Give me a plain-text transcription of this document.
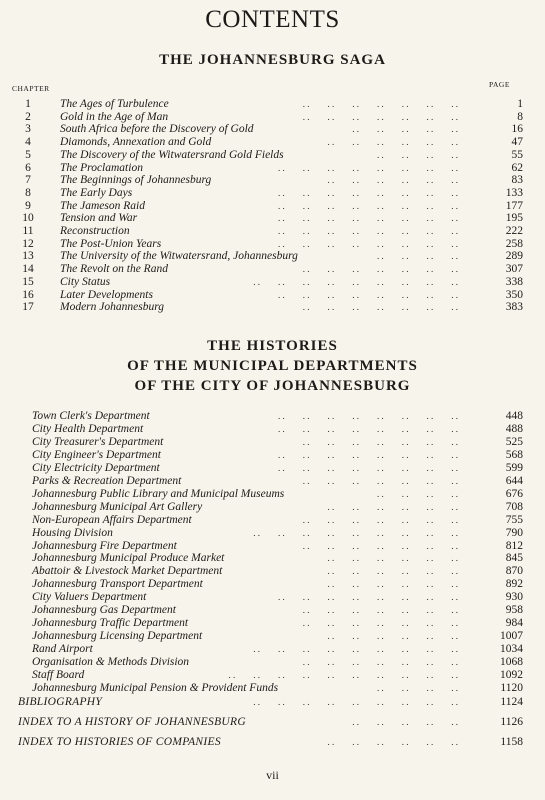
CONTENTS
THE JOHANNESBURG SAGA
CHAPTER	PAGE
1	The Ages of Turbulence	. .        . .        . .        . .        . .        . .        . .	1
2	Gold in the Age of Man	. .        . .        . .        . .        . .        . .        . .	8
3	South Africa before the Discovery of Gold	. .        . .        . .        . .        . .	16
4	Diamonds, Annexation and Gold	. .        . .        . .        . .        . .        . .	47
5	The Discovery of the Witwatersrand Gold Fields	. .        . .        . .        . .	55
6	The Proclamation	. .        . .        . .        . .        . .        . .        . .        . .	62
7	The Beginnings of Johannesburg	. .        . .        . .        . .        . .        . .	83
8	The Early Days	. .        . .        . .        . .        . .        . .        . .        . .	133
9	The Jameson Raid	. .        . .        . .        . .        . .        . .        . .        . .	177
10	Tension and War	. .        . .        . .        . .        . .        . .        . .        . .	195
11	Reconstruction	. .        . .        . .        . .        . .        . .        . .        . .	222
12	The Post-Union Years	. .        . .        . .        . .        . .        . .        . .        . .	258
13	The University of the Witwatersrand, Johannesburg	. .        . .        . .        . .	289
14	The Revolt on the Rand	. .        . .        . .        . .        . .        . .        . .	307
15	City Status	. .        . .        . .        . .        . .        . .        . .        . .        . .	338
16	Later Developments	. .        . .        . .        . .        . .        . .        . .        . .	350
17	Modern Johannesburg	. .        . .        . .        . .        . .        . .        . .	383
THE HISTORIES
OF THE MUNICIPAL DEPARTMENTS
OF THE CITY OF JOHANNESBURG
Town Clerk's Department	. .        . .        . .        . .        . .        . .        . .        . .	448
City Health Department	. .        . .        . .        . .        . .        . .        . .        . .	488
City Treasurer's Department	. .        . .        . .        . .        . .        . .        . .	525
City Engineer's Department	. .        . .        . .        . .        . .        . .        . .        . .	568
City Electricity Department	. .        . .        . .        . .        . .        . .        . .        . .	599
Parks & Recreation Department	. .        . .        . .        . .        . .        . .        . .	644
Johannesburg Public Library and Municipal Museums	. .        . .        . .        . .	676
Johannesburg Municipal Art Gallery	. .        . .        . .        . .        . .        . .	708
Non-European Affairs Department	. .        . .        . .        . .        . .        . .        . .	755
Housing Division	. .        . .        . .        . .        . .        . .        . .        . .        . .	790
Johannesburg Fire Department	. .        . .        . .        . .        . .        . .        . .	812
Johannesburg Municipal Produce Market	. .        . .        . .        . .        . .        . .	845
Abattoir & Livestock Market Department	. .        . .        . .        . .        . .        . .	870
Johannesburg Transport Department	. .        . .        . .        . .        . .        . .	892
City Valuers Department	. .        . .        . .        . .        . .        . .        . .        . .	930
Johannesburg Gas Department	. .        . .        . .        . .        . .        . .        . .	958
Johannesburg Traffic Department	. .        . .        . .        . .        . .        . .        . .	984
Johannesburg Licensing Department	. .        . .        . .        . .        . .        . .	1007
Rand Airport	. .        . .        . .        . .        . .        . .        . .        . .        . .	1034
Organisation & Methods Division	. .        . .        . .        . .        . .        . .        . .	1068
Staff Board	. .        . .        . .        . .        . .        . .        . .        . .        . .        . .	1092
Johannesburg Municipal Pension & Provident Funds	. .        . .        . .        . .	1120
BIBLIOGRAPHY	. .        . .        . .        . .        . .        . .        . .        . .        . .	1124
INDEX TO A HISTORY OF JOHANNESBURG	. .        . .        . .        . .        . .	1126
INDEX TO HISTORIES OF COMPANIES	. .        . .        . .        . .        . .        . .	1158
vii
